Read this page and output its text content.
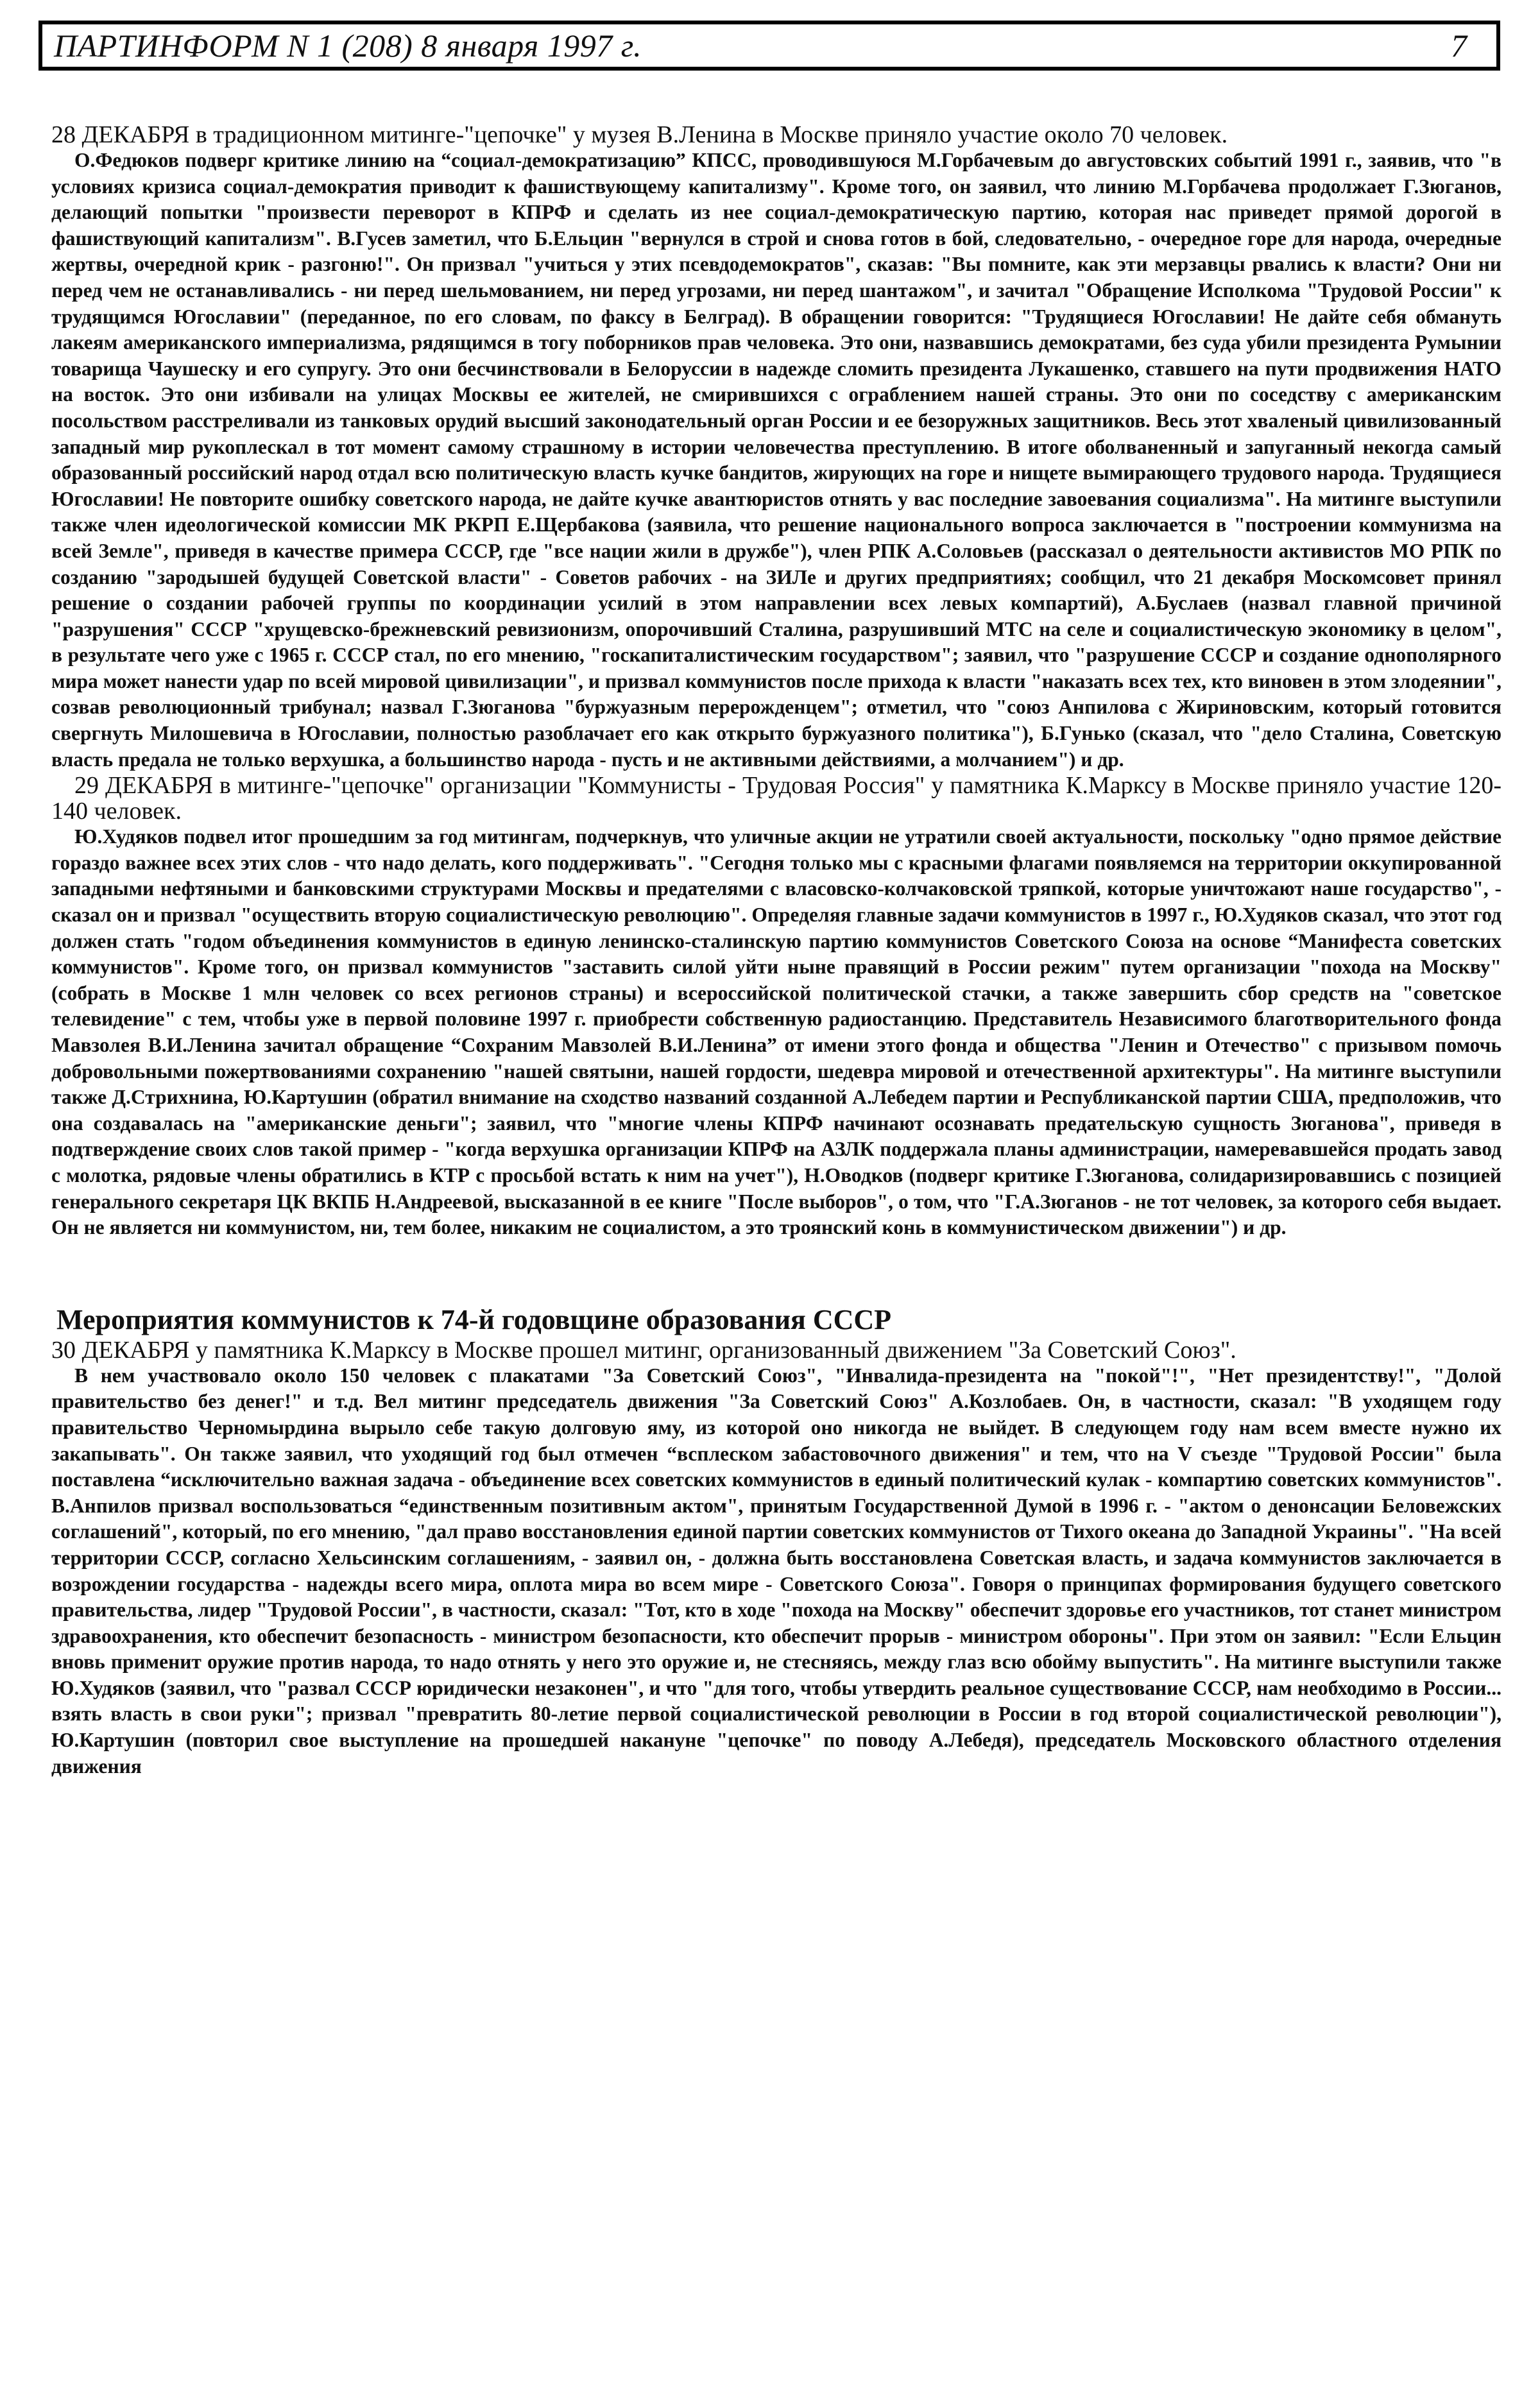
ПАРТИНФОРМ N 1 (208) 8 января 1997 г.	7

28 ДЕКАБРЯ в традиционном митинге-"цепочке" у музея В.Ленина в Москве приняло участие около 70 человек.

О.Федюков подверг критике линию на “социал-демократизацию” КПСС, проводившуюся М.Горбачевым до августовских событий 1991 г., заявив, что "в условиях кризиса социал-демократия приводит к фашиствующему капитализму". Кроме того, он заявил, что линию М.Горбачева продолжает Г.Зюганов, делающий попытки "произвести переворот в КПРФ и сделать из нее социал-демократическую партию, которая нас приведет прямой дорогой в фашиствующий капитализм". В.Гусев заметил, что Б.Ельцин "вернулся в строй и снова готов в бой, следовательно, - очередное горе для народа, очередные жертвы, очередной крик - разгоню!". Он призвал "учиться у этих псевдодемократов", сказав: "Вы помните, как эти мерзавцы рвались к власти? Они ни перед чем не останавливались - ни перед шельмованием, ни перед угрозами, ни перед шантажом", и зачитал "Обращение Исполкома "Трудовой России" к трудящимся Югославии" (переданное, по его словам, по факсу в Белград). В обращении говорится: "Трудящиеся Югославии! Не дайте себя обмануть лакеям американского империализма, рядящимся в тогу поборников прав человека. Это они, назвавшись демократами, без суда убили президента Румынии товарища Чаушеску и его супругу. Это они бесчинствовали в Белоруссии в надежде сломить президента Лукашенко, ставшего на пути продвижения НАТО на восток. Это они избивали на улицах Москвы ее жителей, не смирившихся с ограблением нашей страны. Это они по соседству с американским посольством расстреливали из танковых орудий высший законодательный орган России и ее безоружных защитников. Весь этот хваленый цивилизованный западный мир рукоплескал в тот момент самому страшному в истории человечества преступлению. В итоге оболваненный и запуганный некогда самый образованный российский народ отдал всю политическую власть кучке бандитов, жирующих на горе и нищете вымирающего трудового народа. Трудящиеся Югославии! Не повторите ошибку советского народа, не дайте кучке авантюристов отнять у вас последние завоевания социализма". На митинге выступили также член идеологической комиссии МК РКРП Е.Щербакова (заявила, что решение национального вопроса заключается в "построении коммунизма на всей Земле", приведя в качестве примера СССР, где "все нации жили в дружбе"), член РПК А.Соловьев (рассказал о деятельности активистов МО РПК по созданию "зародышей будущей Советской власти" - Советов рабочих - на ЗИЛе и других предприятиях; сообщил, что 21 декабря Москомсовет принял решение о создании рабочей группы по координации усилий в этом направлении всех левых компартий), А.Буслаев (назвал главной причиной "разрушения" СССР "хрущевско-брежневский ревизионизм, опорочивший Сталина, разрушивший МТС на селе и социалистическую экономику в целом", в результате чего уже с 1965 г. СССР стал, по его мнению, "госкапиталистическим государством"; заявил, что "разрушение СССР и создание однополярного мира может нанести удар по всей мировой цивилизации", и призвал коммунистов после прихода к власти "наказать всех тех, кто виновен в этом злодеянии", созвав революционный трибунал; назвал Г.Зюганова "буржуазным перерожденцем"; отметил, что "союз Анпилова с Жириновским, который готовится свергнуть Милошевича в Югославии, полностью разоблачает его как открыто буржуазного политика"), Б.Гунько (сказал, что "дело Сталина, Советскую власть предала не только верхушка, а большинство народа - пусть и не активными действиями, а молчанием") и др.

29 ДЕКАБРЯ в митинге-"цепочке" организации "Коммунисты - Трудовая Россия" у памятника К.Марксу в Москве приняло участие 120-140 человек.

Ю.Худяков подвел итог прошедшим за год митингам, подчеркнув, что уличные акции не утратили своей актуальности, поскольку "одно прямое действие гораздо важнее всех этих слов - что надо делать, кого поддерживать". "Сегодня только мы с красными флагами появляемся на территории оккупированной западными нефтяными и банковскими структурами Москвы и предателями с власовско-колчаковской тряпкой, которые уничтожают наше государство", - сказал он и призвал "осуществить вторую социалистическую революцию". Определяя главные задачи коммунистов в 1997 г., Ю.Худяков сказал, что этот год должен стать "годом объединения коммунистов в единую ленинско-сталинскую партию коммунистов Советского Союза на основе “Манифеста советских коммунистов". Кроме того, он призвал коммунистов "заставить силой уйти ныне правящий в России режим" путем организации "похода на Москву" (собрать в Москве 1 млн человек со всех регионов страны) и всероссийской политической стачки, а также завершить сбор средств на "советское телевидение" с тем, чтобы уже в первой половине 1997 г. приобрести собственную радиостанцию. Представитель Независимого благотворительного фонда Мавзолея В.И.Ленина зачитал обращение “Сохраним Мавзолей В.И.Ленина” от имени этого фонда и общества "Ленин и Отечество" с призывом помочь добровольными пожертвованиями сохранению "нашей святыни, нашей гордости, шедевра мировой и отечественной архитектуры". На митинге выступили также Д.Стрихнина, Ю.Картушин (обратил внимание на сходство названий созданной А.Лебедем партии и Республиканской партии США, предположив, что она создавалась на "американские деньги"; заявил, что "многие члены КПРФ начинают осознавать предательскую сущность Зюганова", приведя в подтверждение своих слов такой пример - "когда верхушка организации КПРФ на АЗЛК поддержала планы администрации, намеревавшейся продать завод с молотка, рядовые члены обратились в КТР с просьбой встать к ним на учет"), Н.Оводков (подверг критике Г.Зюганова, солидаризировавшись с позицией генерального секретаря ЦК ВКПБ Н.Андреевой, высказанной в ее книге "После выборов", о том, что "Г.А.Зюганов - не тот человек, за которого себя выдает. Он не является ни коммунистом, ни, тем более, никаким не социалистом, а это троянский конь в коммунистическом движении") и др.

Мероприятия коммунистов к 74-й годовщине образования СССР

30 ДЕКАБРЯ у памятника К.Марксу в Москве прошел митинг, организованный движением "За Советский Союз".

В нем участвовало около 150 человек с плакатами "За Советский Союз", "Инвалида-президента на "покой"!", "Нет президентству!", "Долой правительство без денег!" и т.д. Вел митинг председатель движения "За Советский Союз" А.Козлобаев. Он, в частности, сказал: "В уходящем году правительство Черномырдина вырыло себе такую долговую яму, из которой оно никогда не выйдет. В следующем году нам всем вместе нужно их закапывать". Он также заявил, что уходящий год был отмечен “всплеском забастовочного движения" и тем, что на V съезде "Трудовой России" была поставлена “исключительно важная задача - объединение всех советских коммунистов в единый политический кулак - компартию советских коммунистов". В.Анпилов призвал воспользоваться “единственным позитивным актом", принятым Государственной Думой в 1996 г. - "актом о денонсации Беловежских соглашений", который, по его мнению, "дал право восстановления единой партии советских коммунистов от Тихого океана до Западной Украины". "На всей территории СССР, согласно Хельсинским соглашениям, - заявил он, - должна быть восстановлена Советская власть, и задача коммунистов заключается в возрождении государства - надежды всего мира, оплота мира во всем мире - Советского Союза". Говоря о принципах формирования будущего советского правительства, лидер "Трудовой России", в частности, сказал: "Тот, кто в ходе "похода на Москву" обеспечит здоровье его участников, тот станет министром здравоохранения, кто обеспечит безопасность - министром безопасности, кто обеспечит прорыв - министром обороны". При этом он заявил: "Если Ельцин вновь применит оружие против народа, то надо отнять у него это оружие и, не стесняясь, между глаз всю обойму выпустить". На митинге выступили также Ю.Худяков (заявил, что "развал СССР юридически незаконен", и что "для того, чтобы утвердить реальное существование СССР, нам необходимо в России... взять власть в свои руки"; призвал "превратить 80-летие первой социалистической революции в России в год второй социалистической революции"), Ю.Картушин (повторил свое выступление на прошедшей накануне "цепочке" по поводу А.Лебедя), председатель Московского областного отделения движения
